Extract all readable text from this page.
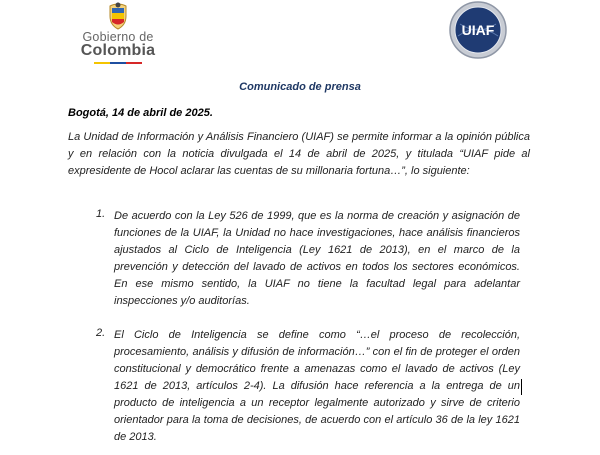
Gobierno de
Colombia
UIAF
Comunicado de prensa

Bogotá, 14 de abril de 2025.

La Unidad de Información y Análisis Financiero (UIAF) se permite informar a la opinión pública y en relación con la noticia divulgada el 14 de abril de 2025, y titulada “UIAF pide al expresidente de Hocol aclarar las cuentas de su millonaria fortuna…”, lo siguiente:

1. De acuerdo con la Ley 526 de 1999, que es la norma de creación y asignación de funciones de la UIAF, la Unidad no hace investigaciones, hace análisis financieros ajustados al Ciclo de Inteligencia (Ley 1621 de 2013), en el marco de la prevención y detección del lavado de activos en todos los sectores económicos. En ese mismo sentido, la UIAF no tiene la facultad legal para adelantar inspecciones y/o auditorías.

2. El Ciclo de Inteligencia se define como “…el proceso de recolección, procesamiento, análisis y difusión de información…” con el fin de proteger el orden constitucional y democrático frente a amenazas como el lavado de activos (Ley 1621 de 2013, artículos 2-4). La difusión hace referencia a la entrega de un producto de inteligencia a un receptor legalmente autorizado y sirve de criterio orientador para la toma de decisiones, de acuerdo con el artículo 36 de la ley 1621 de 2013.
